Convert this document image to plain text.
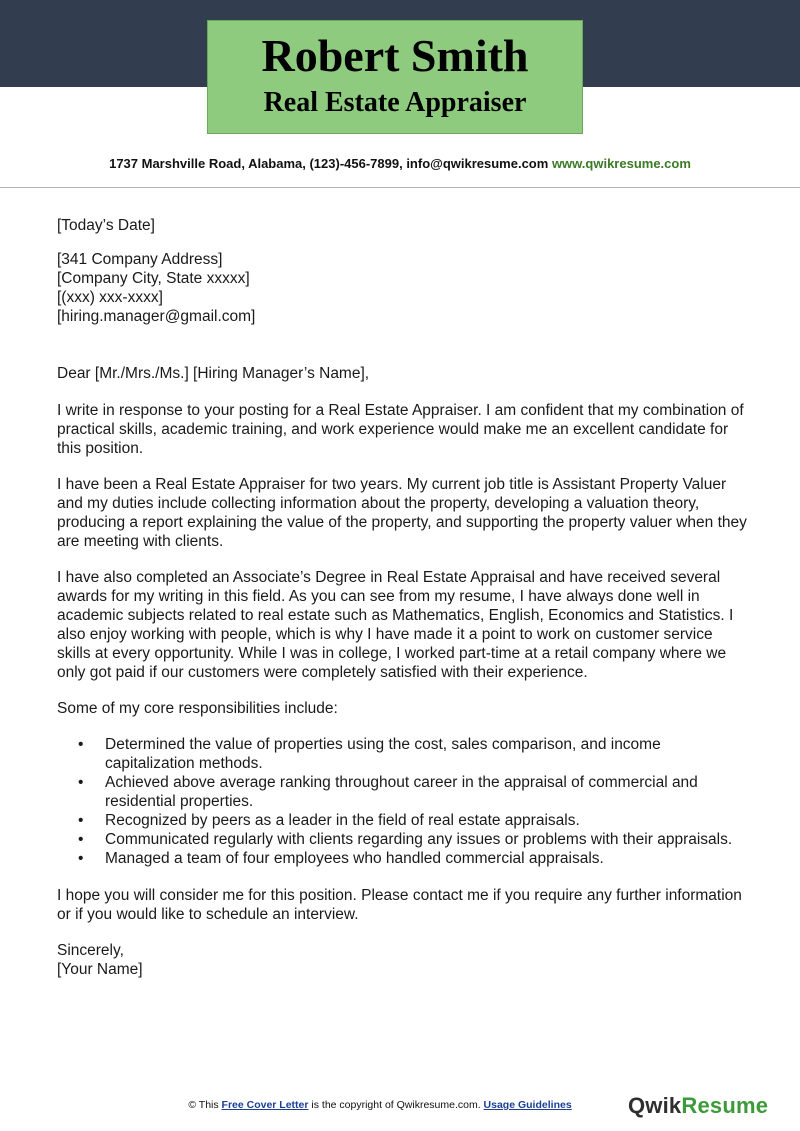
Robert Smith
Real Estate Appraiser
1737 Marshville Road, Alabama, (123)-456-7899, info@qwikresume.com www.qwikresume.com

[Today’s Date]

[341 Company Address]

[Company City, State xxxxx]

[(xxx) xxx-xxxx]

[hiring.manager@gmail.com]

Dear [Mr./Mrs./Ms.] [Hiring Manager’s Name],

I write in response to your posting for a Real Estate Appraiser. I am confident that my combination of practical skills, academic training, and work experience would make me an excellent candidate for this position.

I have been a Real Estate Appraiser for two years. My current job title is Assistant Property Valuer and my duties include collecting information about the property, developing a valuation theory, producing a report explaining the value of the property, and supporting the property valuer when they are meeting with clients.

I have also completed an Associate’s Degree in Real Estate Appraisal and have received several awards for my writing in this field. As you can see from my resume, I have always done well in academic subjects related to real estate such as Mathematics, English, Economics and Statistics. I also enjoy working with people, which is why I have made it a point to work on customer service skills at every opportunity. While I was in college, I worked part-time at a retail company where we only got paid if our customers were completely satisfied with their experience.

Some of my core responsibilities include:

• Determined the value of properties using the cost, sales comparison, and income capitalization methods.
• Achieved above average ranking throughout career in the appraisal of commercial and residential properties.
• Recognized by peers as a leader in the field of real estate appraisals.
• Communicated regularly with clients regarding any issues or problems with their appraisals.
• Managed a team of four employees who handled commercial appraisals.

I hope you will consider me for this position. Please contact me if you require any further information or if you would like to schedule an interview.

Sincerely,

[Your Name]

© This Free Cover Letter is the copyright of Qwikresume.com. Usage Guidelines	QwikResume
